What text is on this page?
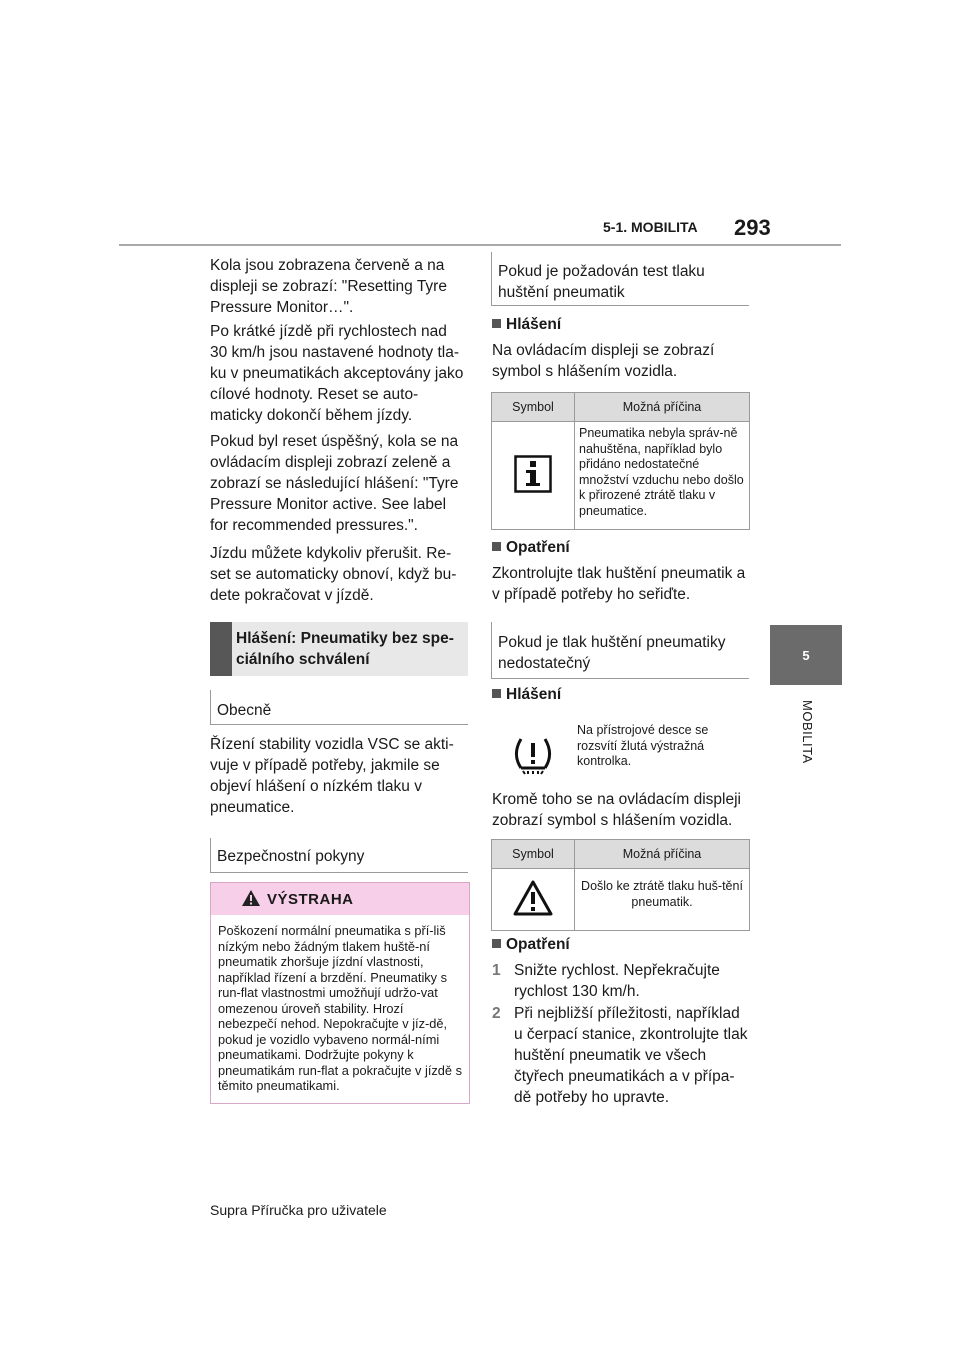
5-1. MOBILITA 293
5
MOBILITA

Kola jsou zobrazena červeně a na displeji se zobrazí: "Resetting Tyre Pressure Monitor…".

Po krátké jízdě při rychlostech nad 30 km/h jsou nastavené hodnoty tla-ku v pneumatikách akceptovány jako cílové hodnoty. Reset se auto-maticky dokončí během jízdy.

Pokud byl reset úspěšný, kola se na ovládacím displeji zobrazí zeleně a zobrazí se následující hlášení: "Tyre Pressure Monitor active. See label for recommended pressures.".

Jízdu můžete kdykoliv přerušit. Re-set se automaticky obnoví, když bu-dete pokračovat v jízdě.

Hlášení: Pneumatiky bez spe-ciálního schválení
Obecně

Řízení stability vozidla VSC se akti-vuje v případě potřeby, jakmile se objeví hlášení o nízkém tlaku v pneumatice.

Bezpečnostní pokyny
VÝSTRAHA
Poškození normální pneumatika s pří-liš nízkým nebo žádným tlakem huště-ní pneumatik zhoršuje jízdní vlastnosti, například řízení a brzdění. Pneumatiky s run-flat vlastnostmi umožňují udržo-vat omezenou úroveň stability. Hrozí nebezpečí nehod. Nepokračujte v jíz-dě, pokud je vozidlo vybaveno normál-ními pneumatikami. Dodržujte pokyny k pneumatikám run-flat a pokračujte v jízdě s těmito pneumatikami.
Pokud je požadován test tlaku huštění pneumatik
Hlášení

Na ovládacím displeji se zobrazí symbol s hlášením vozidla.

Symbol	Možná příčina
	Pneumatika nebyla správ-ně nahuštěna, například bylo přidáno nedostatečné množství vzduchu nebo došlo k přirozené ztrátě tlaku v pneumatice.
Opatření

Zkontrolujte tlak huštění pneumatik a v případě potřeby ho seřiďte.

Pokud je tlak huštění pneumatiky nedostatečný
Hlášení
Na přístrojové desce se rozsvítí žlutá výstražná kontrolka.

Kromě toho se na ovládacím displeji zobrazí symbol s hlášením vozidla.

Symbol	Možná příčina
	Došlo ke ztrátě tlaku huš-tění pneumatik.
Opatření
1 Snižte rychlost. Nepřekračujte rychlost 130 km/h.
2 Při nejbližší příležitosti, například u čerpací stanice, zkontrolujte tlak huštění pneumatik ve všech čtyřech pneumatikách a v přípa-dě potřeby ho upravte.
Supra Příručka pro uživatele
